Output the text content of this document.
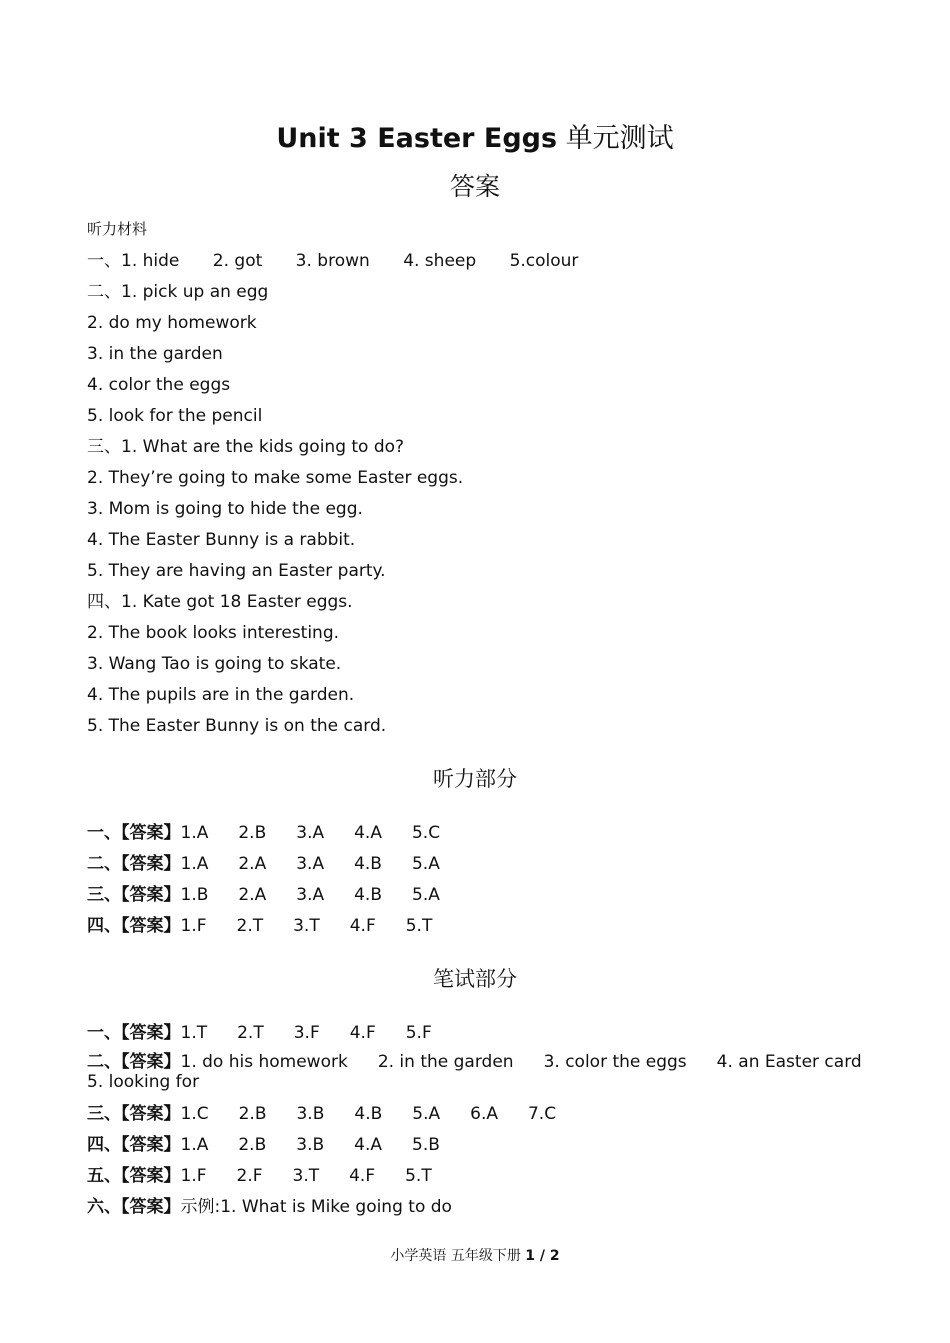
Unit 3 Easter Eggs 单元测试
答案
听力材料
一、1. hide 2. got 3. brown 4. sheep 5.colour
二、1. pick up an egg
2. do my homework
3. in the garden
4. color the eggs
5. look for the pencil
三、1. What are the kids going to do?
2. They’re going to make some Easter eggs.
3. Mom is going to hide the egg.
4. The Easter Bunny is a rabbit.
5. They are having an Easter party.
四、1. Kate got 18 Easter eggs.
2. The book looks interesting.
3. Wang Tao is going to skate.
4. The pupils are in the garden.
5. The Easter Bunny is on the card.
听力部分
一、【答案】1.A 2.B 3.A 4.A 5.C
二、【答案】1.A 2.A 3.A 4.B 5.A
三、【答案】1.B 2.A 3.A 4.B 5.A
四、【答案】1.F 2.T 3.T 4.F 5.T
笔试部分
一、【答案】1.T 2.T 3.F 4.F 5.F
二、【答案】1. do his homework 2. in the garden 3. color the eggs 4. an Easter card5. looking for
三、【答案】1.C 2.B 3.B 4.B 5.A 6.A 7.C
四、【答案】1.A 2.B 3.B 4.A 5.B
五、【答案】1.F 2.F 3.T 4.F 5.T
六、【答案】示例:1. What is Mike going to do
小学英语 五年级下册 1 / 2
